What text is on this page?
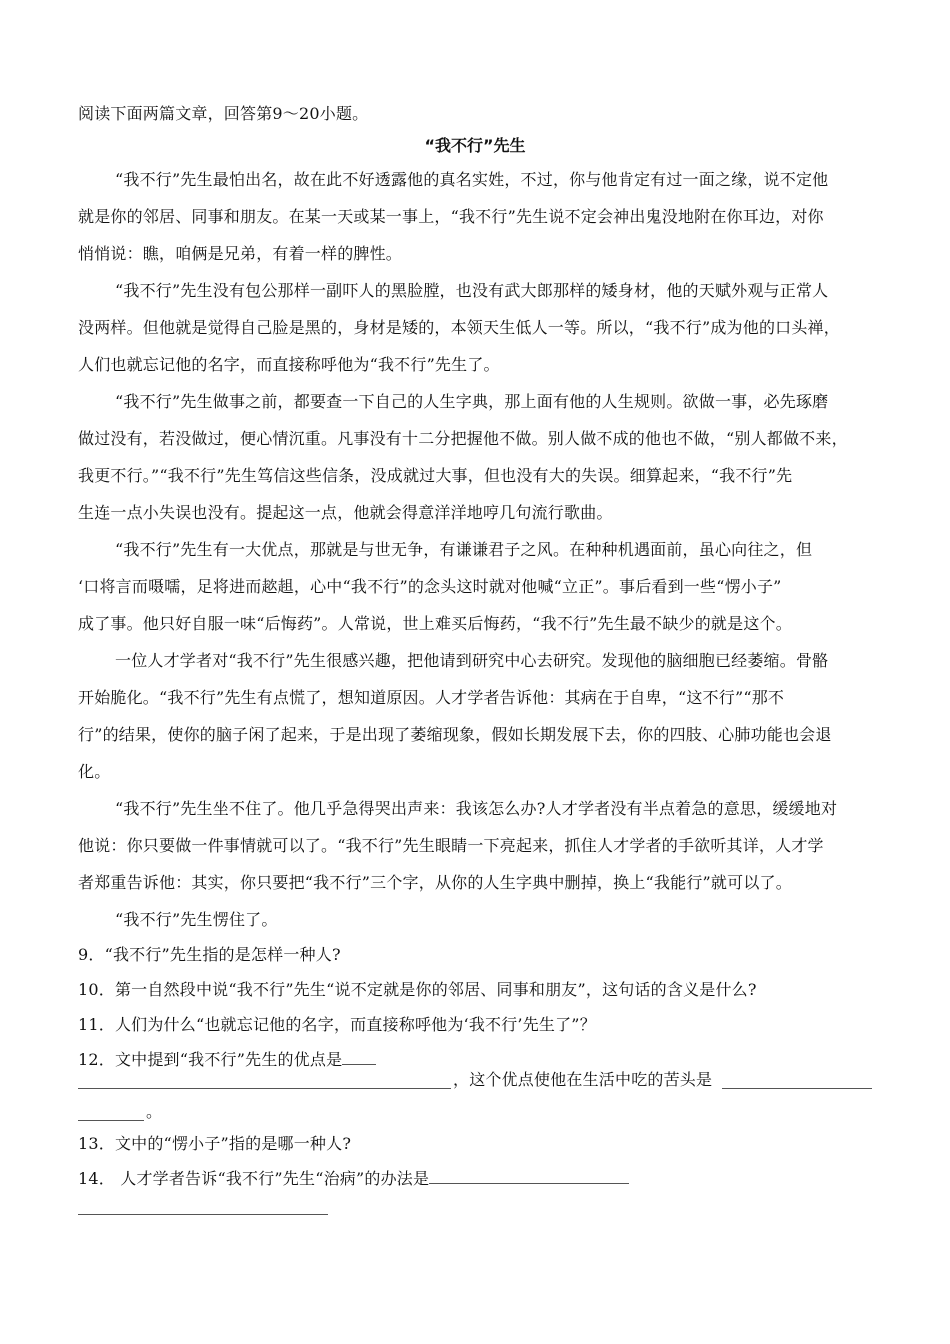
阅读下面两篇文章，回答第9～20小题。
“我不行”先生
“我不行”先生最怕出名，故在此不好透露他的真名实姓，不过，你与他肯定有过一面之缘，说不定他
就是你的邻居、同事和朋友。在某一天或某一事上，“我不行”先生说不定会神出鬼没地附在你耳边，对你
悄悄说：瞧，咱俩是兄弟，有着一样的脾性。
“我不行”先生没有包公那样一副吓人的黑脸膛，也没有武大郎那样的矮身材，他的天赋外观与正常人
没两样。但他就是觉得自己脸是黑的，身材是矮的，本领天生低人一等。所以，“我不行”成为他的口头禅，
人们也就忘记他的名字，而直接称呼他为“我不行”先生了。
“我不行”先生做事之前，都要查一下自己的人生字典，那上面有他的人生规则。欲做一事，必先琢磨
做过没有，若没做过，便心情沉重。凡事没有十二分把握他不做。别人做不成的他也不做，“别人都做不来，
我更不行。”“我不行”先生笃信这些信条，没成就过大事，但也没有大的失误。细算起来，“我不行”先
生连一点小失误也没有。提起这一点，他就会得意洋洋地哼几句流行歌曲。
“我不行”先生有一大优点，那就是与世无争，有谦谦君子之风。在种种机遇面前，虽心向往之，但
‘口将言而嗫嚅，足将进而趑趄，心中“我不行”的念头这时就对他喊“立正”。事后看到一些“愣小子”
成了事。他只好自服一味“后悔药”。人常说，世上难买后悔药，“我不行”先生最不缺少的就是这个。
一位人才学者对“我不行”先生很感兴趣，把他请到研究中心去研究。发现他的脑细胞已经萎缩。骨骼
开始脆化。“我不行”先生有点慌了，想知道原因。人才学者告诉他：其病在于自卑，“这不行”“那不
行”的结果，使你的脑子闲了起来，于是出现了萎缩现象，假如长期发展下去，你的四肢、心肺功能也会退
化。
“我不行”先生坐不住了。他几乎急得哭出声来：我该怎么办?人才学者没有半点着急的意思，缓缓地对
他说：你只要做一件事情就可以了。“我不行”先生眼睛一下亮起来，抓住人才学者的手欲听其详，人才学
者郑重告诉他：其实，你只要把“我不行”三个字，从你的人生字典中删掉，换上“我能行”就可以了。
“我不行”先生愣住了。
9．“我不行”先生指的是怎样一种人?
10．第一自然段中说“我不行”先生“说不定就是你的邻居、同事和朋友”，这句话的含义是什么?
11．人们为什么“也就忘记他的名字，而直接称呼他为‘我不行’先生了”？
12．文中提到“我不行”先生的优点是
，这个优点使他在生活中吃的苦头是
。
13．文中的“愣小子”指的是哪一种人?
14． 人才学者告诉“我不行”先生“治病”的办法是
